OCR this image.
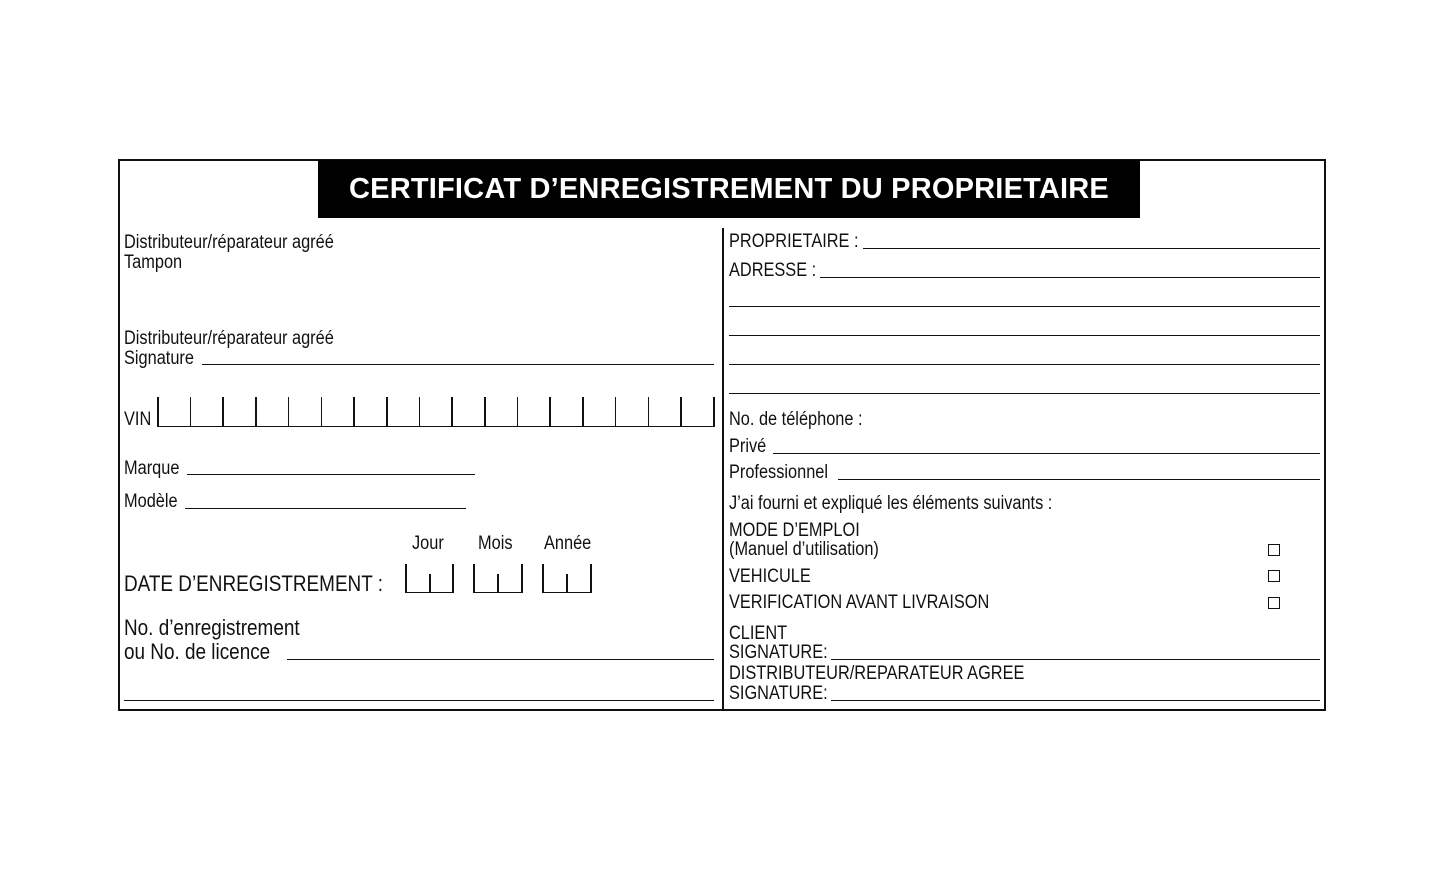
CERTIFICAT D’ENREGISTREMENT DU PROPRIETAIRE
Distributeur/réparateur agréé
Tampon
Distributeur/réparateur agréé
Signature
VIN
Marque
Modèle
Jour Mois Année
DATE D’ENREGISTREMENT :
No. d’enregistrement
ou No. de licence
PROPRIETAIRE :
ADRESSE :
No. de téléphone :
Privé
Professionnel
J’ai fourni et expliqué les éléments suivants :
MODE D’EMPLOI
(Manuel d’utilisation)
VEHICULE
VERIFICATION AVANT LIVRAISON
CLIENT
SIGNATURE:
DISTRIBUTEUR/REPARATEUR AGREE
SIGNATURE:
